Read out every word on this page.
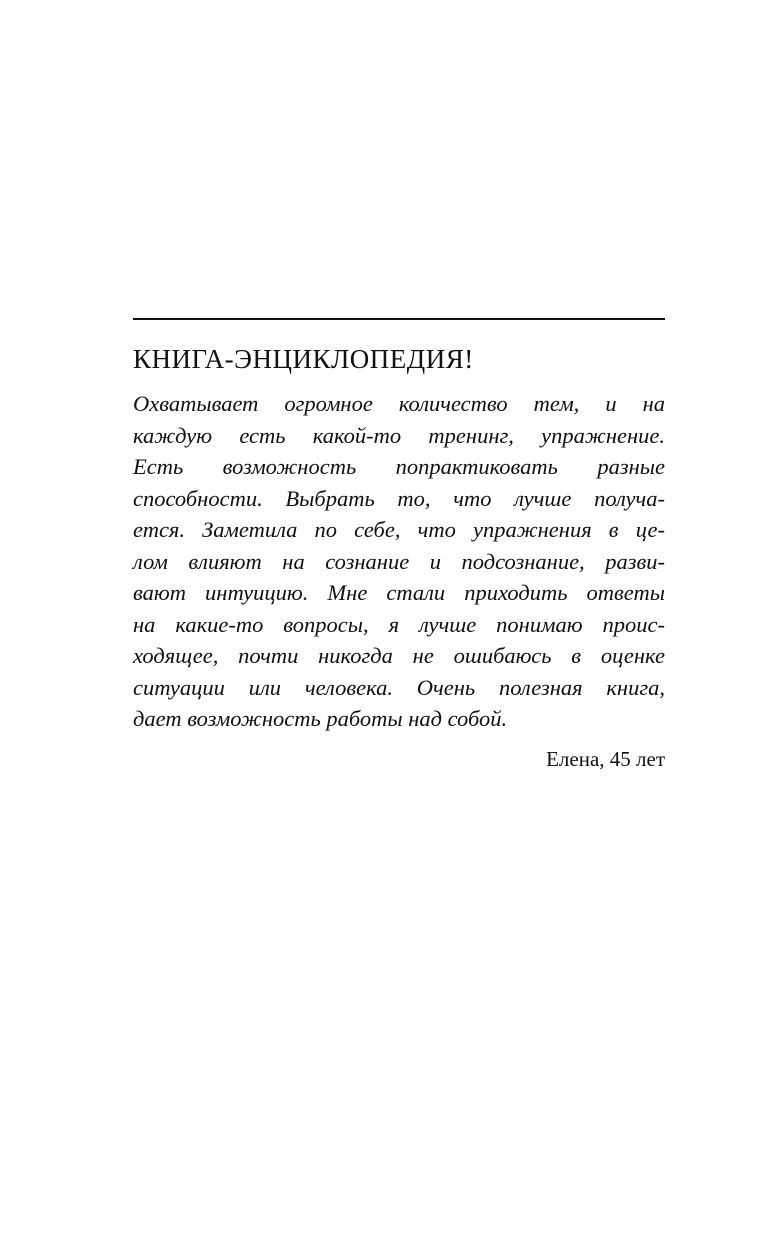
КНИГА-ЭНЦИКЛОПЕДИЯ!
Охватывает огромное количество тем, и на
каждую есть какой-то тренинг, упражнение.
Есть возможность попрактиковать разные
способности. Выбрать то, что лучше получа-
ется. Заметила по себе, что упражнения в це-
лом влияют на сознание и подсознание, разви-
вают интуицию. Мне стали приходить ответы
на какие-то вопросы, я лучше понимаю проис-
ходящее, почти никогда не ошибаюсь в оценке
ситуации или человека. Очень полезная книга,
дает возможность работы над собой.
Елена, 45 лет
